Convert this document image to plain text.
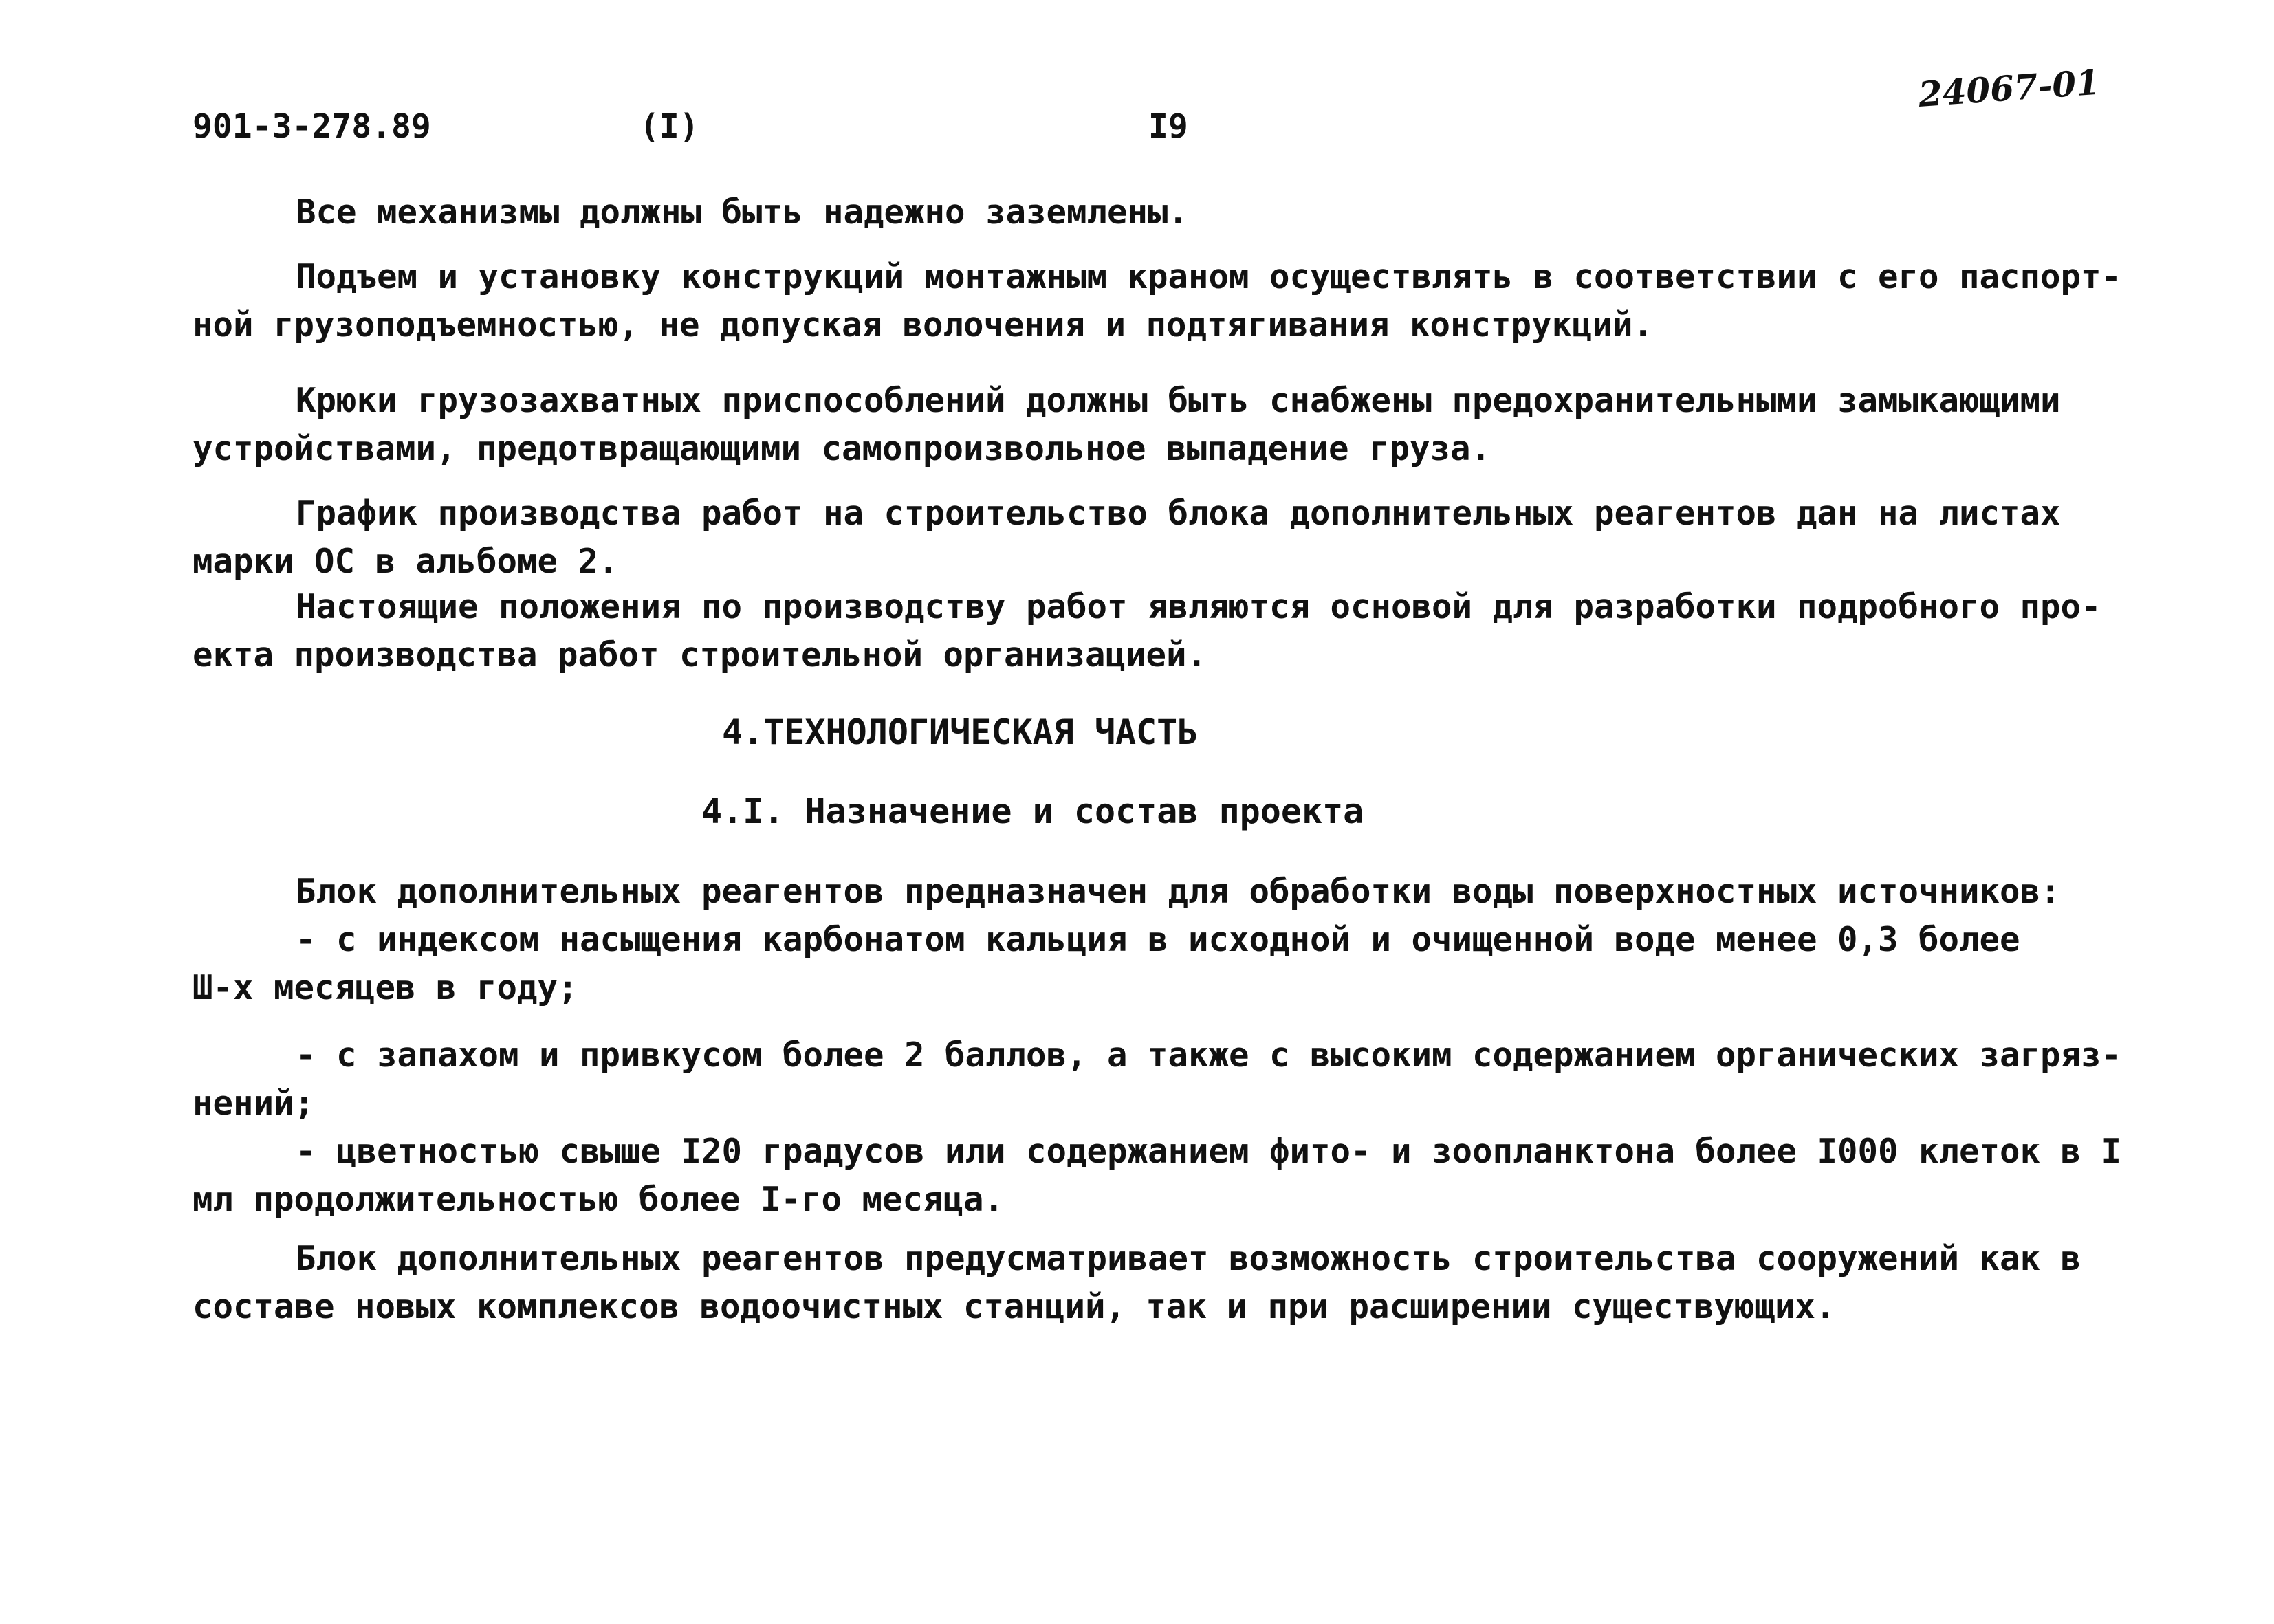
901-3-278.89	(I)	I9
24067-01

Все механизмы должны быть надежно заземлены.

Подъем и установку конструкций монтажным краном осуществлять в соответствии с его паспорт-
ной грузоподъемностью, не допуская волочения и подтягивания конструкций.

Крюки грузозахватных приспособлений должны быть снабжены предохранительными замыкающими
устройствами, предотвращающими самопроизвольное выпадение груза.

График производства работ на строительство блока дополнительных реагентов дан на листах
марки ОС в альбоме 2.

Настоящие положения по производству работ являются основой для разработки подробного про-
екта производства работ строительной организацией.

4.ТЕХНОЛОГИЧЕСКАЯ ЧАСТЬ

4.I. Назначение и состав проекта

Блок дополнительных реагентов предназначен для обработки воды поверхностных источников:
- с индексом насыщения карбонатом кальция в исходной и очищенной воде менее 0,3 более
Ш-х месяцев в году;

- с запахом и привкусом более 2 баллов, а также с высоким содержанием органических загряз-
нений;
- цветностью свыше I20 градусов или содержанием фито- и зоопланктона более I000 клеток в I
мл продолжительностью более I-го месяца.

Блок дополнительных реагентов предусматривает возможность строительства сооружений как в
составе новых комплексов водоочистных станций, так и при расширении существующих.
